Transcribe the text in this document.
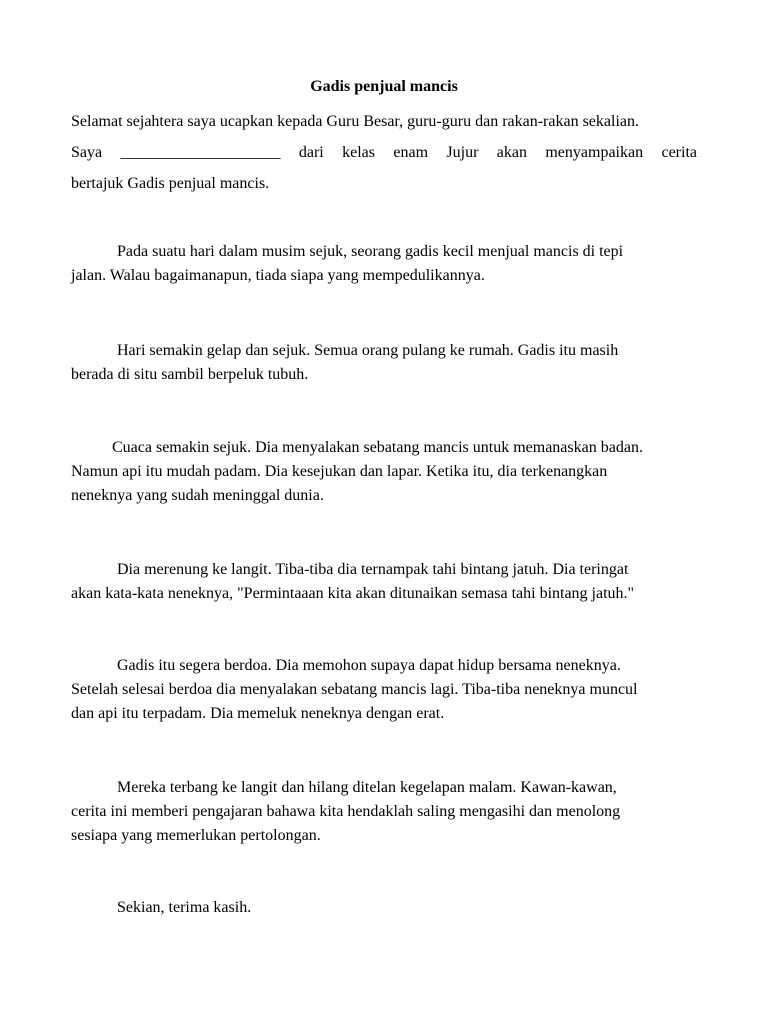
Gadis penjual mancis
Selamat sejahtera saya ucapkan kepada Guru Besar, guru-guru dan rakan-rakan sekalian.
Saya ____________________ dari kelas enam Jujur akan menyampaikan cerita
bertajuk Gadis penjual mancis.
Pada suatu hari dalam musim sejuk, seorang gadis kecil menjual mancis di tepi
jalan. Walau bagaimanapun, tiada siapa yang mempedulikannya.
Hari semakin gelap dan sejuk. Semua orang pulang ke rumah. Gadis itu masih
berada di situ sambil berpeluk tubuh.
Cuaca semakin sejuk. Dia menyalakan sebatang mancis untuk memanaskan badan.
Namun api itu mudah padam. Dia kesejukan dan lapar. Ketika itu, dia terkenangkan
neneknya yang sudah meninggal dunia.
Dia merenung ke langit. Tiba-tiba dia ternampak tahi bintang jatuh. Dia teringat
akan kata-kata neneknya, "Permintaaan kita akan ditunaikan semasa tahi bintang jatuh."
Gadis itu segera berdoa. Dia memohon supaya dapat hidup bersama neneknya.
Setelah selesai berdoa dia menyalakan sebatang mancis lagi. Tiba-tiba neneknya muncul
dan api itu terpadam. Dia memeluk neneknya dengan erat.
Mereka terbang ke langit dan hilang ditelan kegelapan malam. Kawan-kawan,
cerita ini memberi pengajaran bahawa kita hendaklah saling mengasihi dan menolong
sesiapa yang memerlukan pertolongan.
Sekian, terima kasih.
